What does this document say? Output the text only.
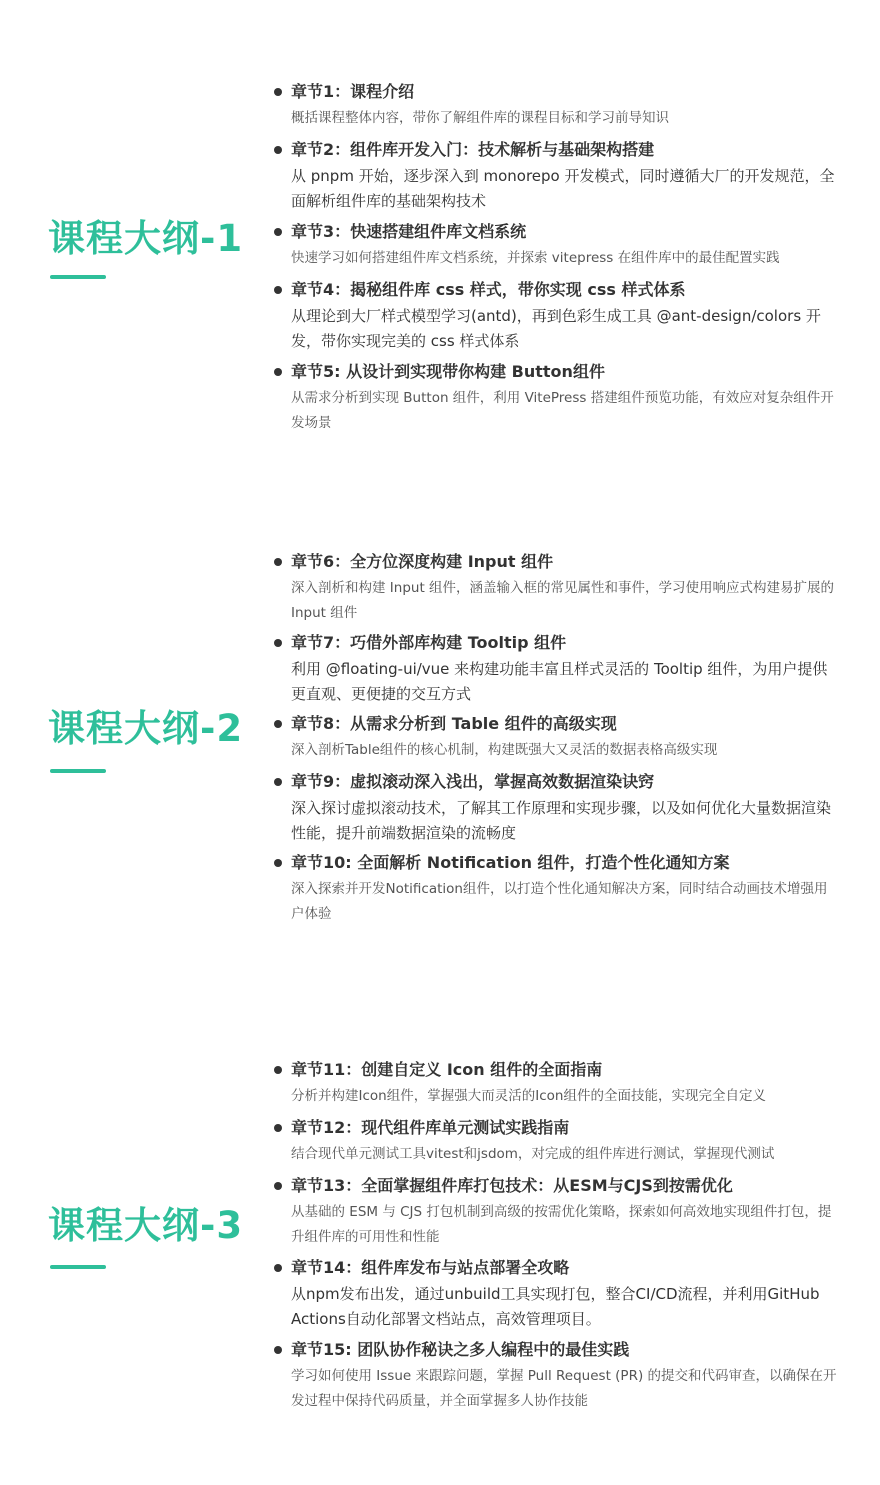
课程大纲-1
章节1：课程介绍
概括课程整体内容，带你了解组件库的课程目标和学习前导知识
章节2：组件库开发入门：技术解析与基础架构搭建
从 pnpm 开始，逐步深入到 monorepo 开发模式，同时遵循大厂的开发规范，全面解析组件库的基础架构技术
章节3：快速搭建组件库文档系统
快速学习如何搭建组件库文档系统，并探索 vitepress 在组件库中的最佳配置实践
章节4：揭秘组件库 css 样式，带你实现 css 样式体系
从理论到大厂样式模型学习(antd)，再到色彩生成工具 @ant-design/colors 开发，带你实现完美的 css 样式体系
章节5: 从设计到实现带你构建 Button组件
从需求分析到实现 Button 组件，利用 VitePress 搭建组件预览功能，有效应对复杂组件开发场景
课程大纲-2
章节6：全方位深度构建 Input 组件
深入剖析和构建 Input 组件，涵盖输入框的常见属性和事件，学习使用响应式构建易扩展的 Input 组件
章节7：巧借外部库构建 Tooltip 组件
利用 @floating-ui/vue 来构建功能丰富且样式灵活的 Tooltip 组件，为用户提供更直观、更便捷的交互方式
章节8：从需求分析到 Table 组件的高级实现
深入剖析Table组件的核心机制，构建既强大又灵活的数据表格高级实现
章节9：虚拟滚动深入浅出，掌握高效数据渲染诀窍
深入探讨虚拟滚动技术，了解其工作原理和实现步骤，以及如何优化大量数据渲染性能，提升前端数据渲染的流畅度
章节10: 全面解析 Notification 组件，打造个性化通知方案
深入探索并开发Notification组件，以打造个性化通知解决方案，同时结合动画技术增强用户体验
课程大纲-3
章节11：创建自定义 Icon 组件的全面指南
分析并构建Icon组件，掌握强大而灵活的Icon组件的全面技能，实现完全自定义
章节12：现代组件库单元测试实践指南
结合现代单元测试工具vitest和jsdom，对完成的组件库进行测试，掌握现代测试
章节13：全面掌握组件库打包技术：从ESM与CJS到按需优化
从基础的 ESM 与 CJS 打包机制到高级的按需优化策略，探索如何高效地实现组件打包，提升组件库的可用性和性能
章节14：组件库发布与站点部署全攻略
从npm发布出发，通过unbuild工具实现打包，整合CI/CD流程，并利用GitHub Actions自动化部署文档站点，高效管理项目。
章节15: 团队协作秘诀之多人编程中的最佳实践
学习如何使用 Issue 来跟踪问题，掌握 Pull Request (PR) 的提交和代码审查，以确保在开发过程中保持代码质量，并全面掌握多人协作技能
